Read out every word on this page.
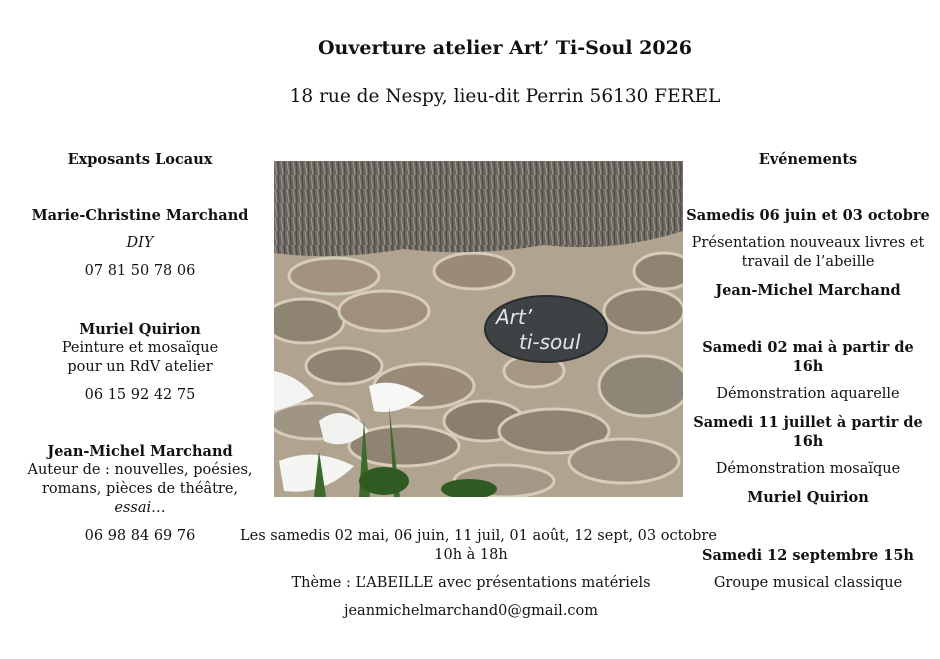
Ouverture atelier Art’ Ti-Soul 2026
18 rue de Nespy, lieu-dit Perrin 56130 FEREL
Exposants Locaux
Marie-Christine Marchand
DIY
07 81 50 78 06
Muriel Quirion
Peinture et mosaïque
pour un RdV atelier
06 15 92 42 75
Jean-Michel Marchand
Auteur de : nouvelles, poésies,
romans, pièces de théâtre,
essai…
06 98 84 69 76
Art’
ti-soul
Evénements
Samedis 06 juin et 03 octobre
Présentation nouveaux livres et
travail de l’abeille
Jean-Michel Marchand
Samedi 02 mai à partir de
16h
Démonstration aquarelle
Samedi 11 juillet à partir de
16h
Démonstration mosaïque
Muriel Quirion
Samedi 12 septembre 15h
Groupe musical classique
Les samedis 02 mai, 06 juin, 11 juil, 01 août, 12 sept, 03 octobre
10h à 18h
Thème : L’ABEILLE avec présentations matériels
jeanmichelmarchand0@gmail.com
